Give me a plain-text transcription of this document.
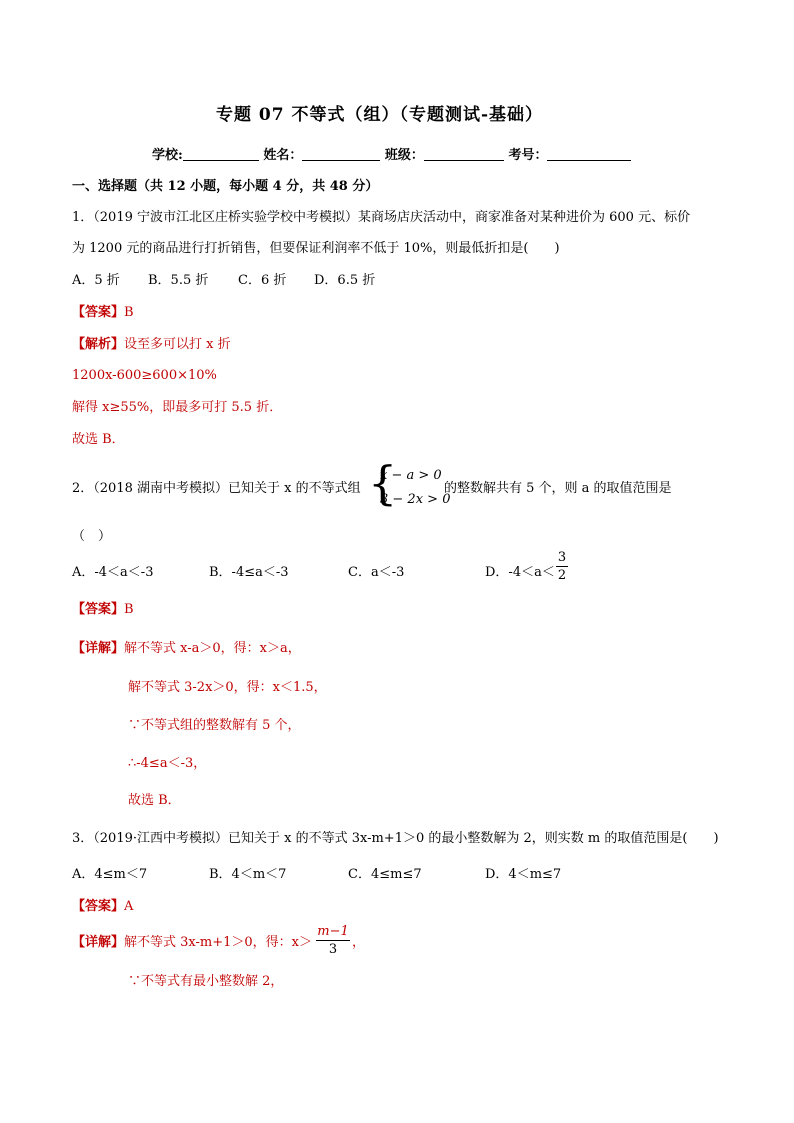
专题 07 不等式（组）（专题测试-基础）
学校:	姓名：	班级：	考号：
一、选择题（共 12 小题，每小题 4 分，共 48 分）
1．（2019 宁波市江北区庄桥实验学校中考模拟）某商场店庆活动中，商家准备对某种进价为 600 元、标价
为 1200 元的商品进行打折销售，但要保证利润率不低于 10%，则最低折扣是(　　)
A．5 折 B．5.5 折 C．6 折 D．6.5 折
【答案】B
【解析】设至多可以打 x 折
1200x-600≥600×10%
解得 x≥55%，即最多可打 5.5 折．
故选 B．
2．（2018 湖南中考模拟）已知关于 x 的不等式组 {
x − a > 0
3 − 2x > 0
的整数解共有 5 个，则 a 的取值范围是
（　）
A．-4＜a＜-3	B．-4≤a＜-3	C．a＜-3	D．-4＜a＜
3
2
【答案】B
【详解】解不等式 x-a＞0，得：x＞a，
解不等式 3-2x＞0，得：x＜1.5，
∵不等式组的整数解有 5 个，
∴-4≤a＜-3，
故选 B．
3．（2019·江西中考模拟）已知关于 x 的不等式 3x-m+1＞0 的最小整数解为 2，则实数 m 的取值范围是(　　)
A．4≤m＜7	B．4＜m＜7	C．4≤m≤7	D．4＜m≤7
【答案】A
【详解】解不等式 3x-m+1＞0，得：x＞
m−1
3	，
∵不等式有最小整数解 2，
